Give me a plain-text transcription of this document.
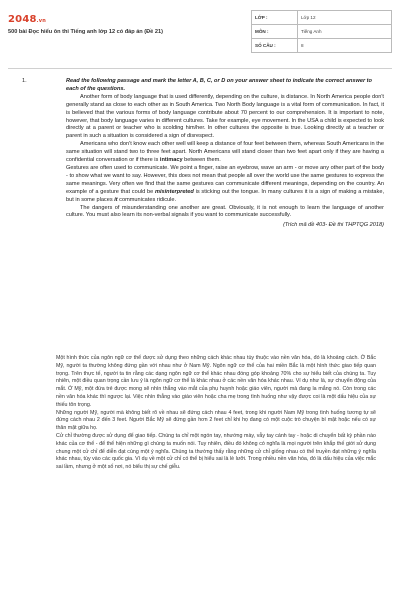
2048.vn
500 bài Đọc hiểu ôn thi Tiếng anh lớp 12 có đáp án (Đề 21)
LỚP :	Lớp 12
MÔN :	Tiếng Anh
SỐ CÂU :	8
1.	Read the following passage and mark the letter A, B, C, or D on your answer sheet to indicate the correct answer to each of the questions.

Another form of body language that is used differently, depending on the culture, is distance. In North America people don't generally stand as close to each other as in South America. Two North Body language is a vital form of communication. In fact, it is believed that the various forms of body language contribute about 70 percent to our comprehension. It is important to note, however, that body language varies in different cultures. Take for example, eye movement. In the USA a child is expected to look directly at a parent or teacher who is scolding him/her. In other cultures the opposite is true. Looking directly at a teacher or parent in such a situation is considered a sign of disrespect.

Americans who don't know each other well will keep a distance of four feet between them, whereas South Americans in the same situation will stand two to three feet apart. North Americans will stand closer than two feet apart only if they are having a confidential conversation or if there is intimacy between them.

Gestures are often used to communicate. We point a finger, raise an eyebrow, wave an arm - or move any other part of the body - to show what we want to say. However, this does not mean that people all over the world use the same gestures to express the same meanings. Very often we find that the same gestures can communicate different meanings, depending on the country. An example of a gesture that could be misinterpreted is sticking out the tongue. In many cultures it is a sign of making a mistake, but in some places it communicates ridicule.

The dangers of misunderstanding one another are great. Obviously, it is not enough to learn the language of another culture. You must also learn its non-verbal signals if you want to communicate successfully.

(Trích mã đề 403- Đề thi THPTQG 2018)

Một hình thức của ngôn ngữ cơ thể được sử dụng theo những cách khác nhau tùy thuộc vào nền văn hóa, đó là khoảng cách. Ở Bắc Mỹ, người ta thường không đứng gần với nhau như ở Nam Mỹ. Ngôn ngữ cơ thể của hai miền Bắc là một hình thức giao tiếp quan trọng. Trên thực tế, người ta tin rằng các dạng ngôn ngữ cơ thể khác nhau đóng góp khoảng 70% cho sự hiểu biết của chúng ta. Tuy nhiên, một điều quan trọng cần lưu ý là ngôn ngữ cơ thể là khác nhau ở các nền văn hóa khác nhau. Ví dụ như là, sự chuyển động của mắt. Ở Mỹ, một đứa trẻ được mong sẽ nhìn thẳng vào mắt của phụ huynh hoặc giáo viên, người mà đang la mắng nó. Còn trong các nền văn hóa khác thì ngược lại. Việc nhìn thẳng vào giáo viên hoặc cha mẹ trong tình huống như vậy được coi là một dấu hiệu của sự thiếu tôn trọng.

Những người Mỹ, người mà không biết rõ về nhau sẽ đứng cách nhau 4 feet, trong khi người Nam Mỹ trong tình huống tương tự sẽ đứng cách nhau 2 đến 3 feet. Người Bắc Mỹ sẽ đứng gần hơn 2 feet chỉ khi họ đang có một cuộc trò chuyện bí mật hoặc nếu có sự thân mật giữa họ.

Cử chỉ thường được sử dụng để giao tiếp. Chúng ta chỉ một ngón tay, nhướng mày, vẫy tay cánh tay - hoặc di chuyển bất kỳ phần nào khác của cơ thể - để thể hiện những gì chúng ta muốn nói. Tuy nhiên, điều đó không có nghĩa là mọi người trên khắp thế giới sử dụng chung một cử chỉ để diễn đạt cùng một ý nghĩa. Chúng ta thường thấy rằng những cử chỉ giống nhau có thể truyền đạt những ý nghĩa khác nhau, tùy vào các quốc gia. Ví dụ về một cử chỉ có thể bị hiểu sai là lè lưỡi. Trong nhiều nền văn hóa, đó là dấu hiệu của việc mắc sai lầm, nhưng ở một số nơi, nó biểu thị sự chế giễu.
